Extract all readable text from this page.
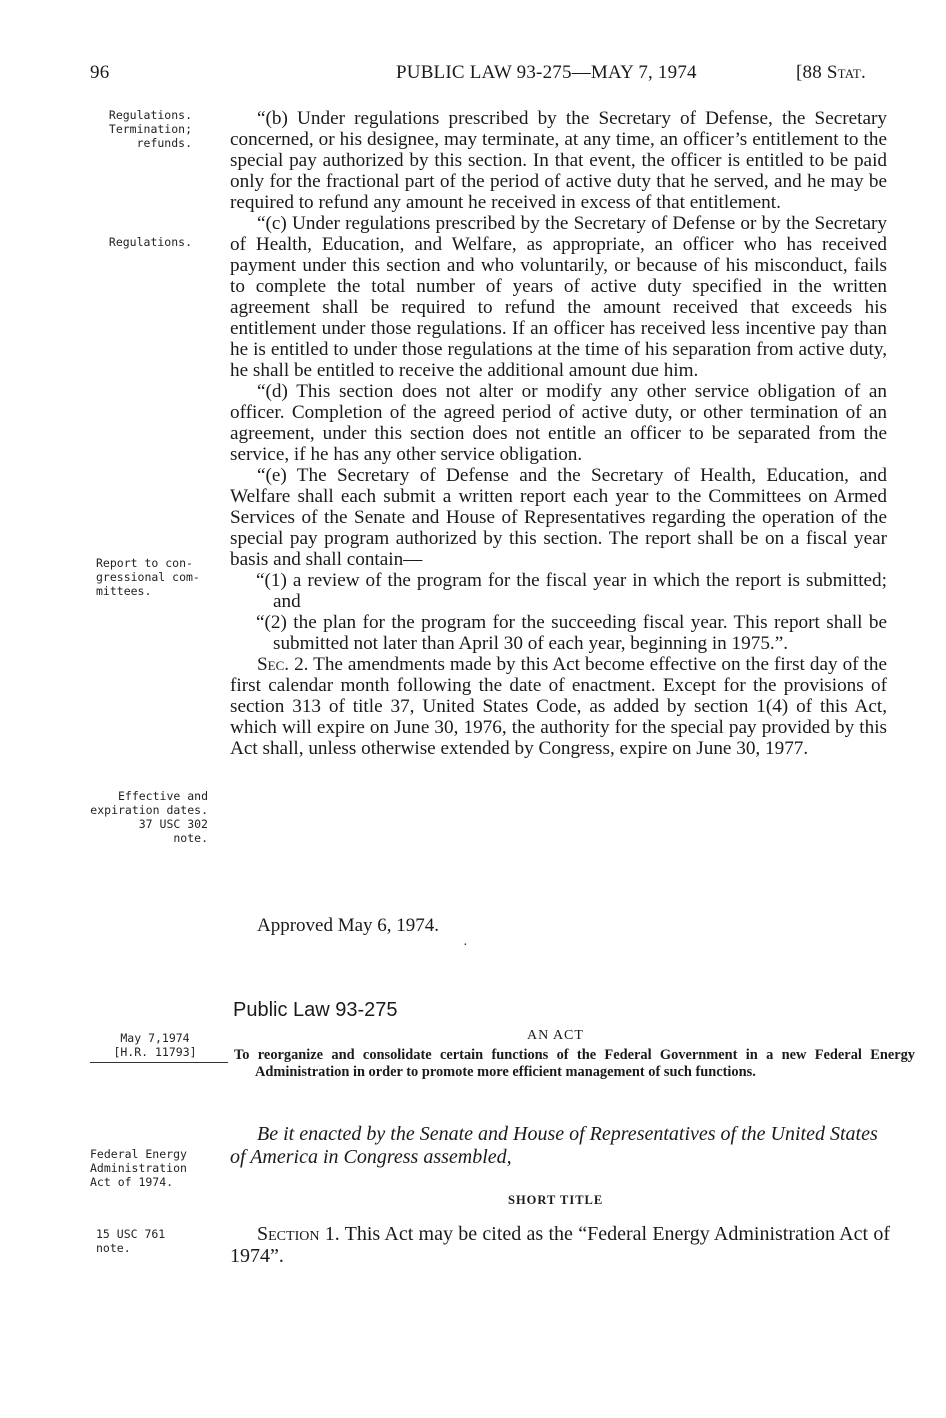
96	PUBLIC LAW 93-275—MAY 7, 1974	[88 Stat.
Regulations.
Termination;
refunds.
Regulations.
Report to con-
gressional com-
mittees.
Effective and
expiration dates.
37 USC 302
note.
May 7,1974
[H.R. 11793]
Federal Energy
Administration
Act of 1974.
15 USC 761
note.

“(b) Under regulations prescribed by the Secretary of Defense, the Secretary concerned, or his designee, may terminate, at any time, an officer’s entitlement to the special pay authorized by this section. In that event, the officer is entitled to be paid only for the fractional part of the period of active duty that he served, and he may be required to refund any amount he received in excess of that entitlement.

“(c) Under regulations prescribed by the Secretary of Defense or by the Secretary of Health, Education, and Welfare, as appropriate, an officer who has received payment under this section and who voluntarily, or because of his misconduct, fails to complete the total number of years of active duty specified in the written agreement shall be required to refund the amount received that exceeds his entitlement under those regulations. If an officer has received less incentive pay than he is entitled to under those regulations at the time of his separation from active duty, he shall be entitled to receive the additional amount due him.

“(d) This section does not alter or modify any other service obligation of an officer. Completion of the agreed period of active duty, or other termination of an agreement, under this section does not entitle an officer to be separated from the service, if he has any other service obligation.

“(e) The Secretary of Defense and the Secretary of Health, Education, and Welfare shall each submit a written report each year to the Committees on Armed Services of the Senate and House of Representatives regarding the operation of the special pay program authorized by this section. The report shall be on a fiscal year basis and shall contain—

“(1) a review of the program for the fiscal year in which the report is submitted; and

“(2) the plan for the program for the succeeding fiscal year. This report shall be submitted not later than April 30 of each year, beginning in 1975.”.

Sec. 2. The amendments made by this Act become effective on the first day of the first calendar month following the date of enactment. Except for the provisions of section 313 of title 37, United States Code, as added by section 1(4) of this Act, which will expire on June 30, 1976, the authority for the special pay provided by this Act shall, unless otherwise extended by Congress, expire on June 30, 1977.

Approved May 6, 1974.
·
Public Law 93-275
AN ACT
To reorganize and consolidate certain functions of the Federal Government in a new Federal Energy Administration in order to promote more efficient management of such functions.
Be it enacted by the Senate and House of Representatives of the United States of America in Congress assembled,
SHORT TITLE
Section 1. This Act may be cited as the “Federal Energy Administration Act of 1974”.
